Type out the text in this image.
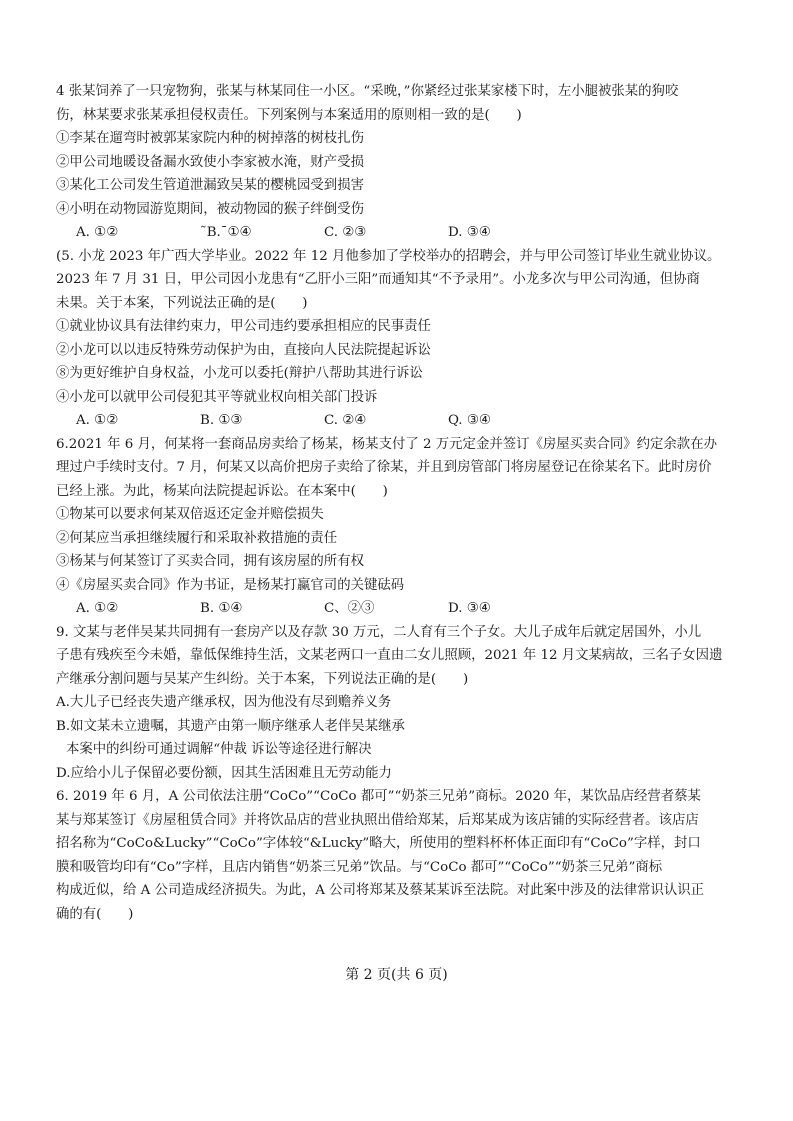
4 张某饲养了一只宠物狗，张某与林某同住一小区。“采晚，”你紧经过张某家楼下时，左小腿被张某的狗咬
伤，林某要求张某承担侵权责任。下列案例与本案适用的原则相一致的是(　　)
①李某在遛弯时被郭某家院内种的树掉落的树枝扎伤
②甲公司地暖设备漏水致使小李家被水淹，财产受损
③某化工公司发生管道泄漏致吴某的樱桃园受到损害
④小明在动物园游览期间，被动物园的猴子绊倒受伤
A. ①②	˜B.ˉ①④	C. ②③	D. ③④
(5. 小龙 2023 年广西大学毕业。2022 年 12 月他参加了学校举办的招聘会，并与甲公司签订毕业生就业协议。
2023 年 7 月 31 日，甲公司因小龙患有“乙肝小三阳”而通知其“不予录用”。小龙多次与甲公司沟通，但协商
未果。关于本案，下列说法正确的是(　　)
①就业协议具有法律约束力，甲公司违约要承担相应的民事责任
②小龙可以以违反特殊劳动保护为由，直接向人民法院提起诉讼
⑧为更好维护自身权益，小龙可以委托(辩护八帮助其进行诉讼
④小龙可以就甲公司侵犯其平等就业权向相关部门投诉
A. ①②	B. ①③	C. ②④	Q. ③④
6.2021 年 6 月，何某将一套商品房卖给了杨某，杨某支付了 2 万元定金并签订《房屋买卖合同》约定余款在办
理过户手续时支付。7 月，何某又以高价把房子卖给了徐某，并且到房管部门将房屋登记在徐某名下。此时房价
已经上涨。为此，杨某向法院提起诉讼。在本案中(　　)
①物某可以要求何某双倍返还定金并赔偿损失
②何某应当承担继续履行和采取补救措施的责任
③杨某与何某签订了买卖合同，拥有该房屋的所有权
④《房屋买卖合同》作为书证，是杨某打赢官司的关键砝码
A. ①②	B. ①④	C、②③	D. ③④
9. 文某与老伴吴某共同拥有一套房产以及存款 30 万元，二人育有三个子女。大儿子成年后就定居国外，小儿
子患有残疾至今未婚，靠低保维持生活，文某老两口一直由二女儿照顾，2021 年 12 月文某病故，三名子女因遗
产继承分割问题与吴某产生纠纷。关于本案，下列说法正确的是(　　)
A.大儿子已经丧失遗产继承权，因为他没有尽到赡养义务
B.如文某未立遗嘱，其遗产由第一顺序继承人老伴吴某继承
本案中的纠纷可通过调解“仲裁 诉讼等途径进行解决
D.应给小儿子保留必要份额，因其生活困难且无劳动能力
6. 2019 年 6 月，A 公司依法注册“CoCo”“CoCo 都可”“奶茶三兄弟”商标。2020 年，某饮品店经营者蔡某
某与郑某签订《房屋租赁合同》并将饮品店的营业执照出借给郑某，后郑某成为该店铺的实际经营者。该店店
招名称为“CoCo&Lucky”“CoCo”字体较“&Lucky”略大，所使用的塑料杯杯体正面印有“CoCo”字样，封口
膜和吸管均印有“Co”字样，且店内销售“奶茶三兄弟”饮品。与“CoCo 都可”“CoCo”“奶茶三兄弟”商标
构成近似，给 A 公司造成经济损失。为此，A 公司将郑某及蔡某某诉至法院。对此案中涉及的法律常识认识正
确的有(　　)
第 2 页(共 6 页)
